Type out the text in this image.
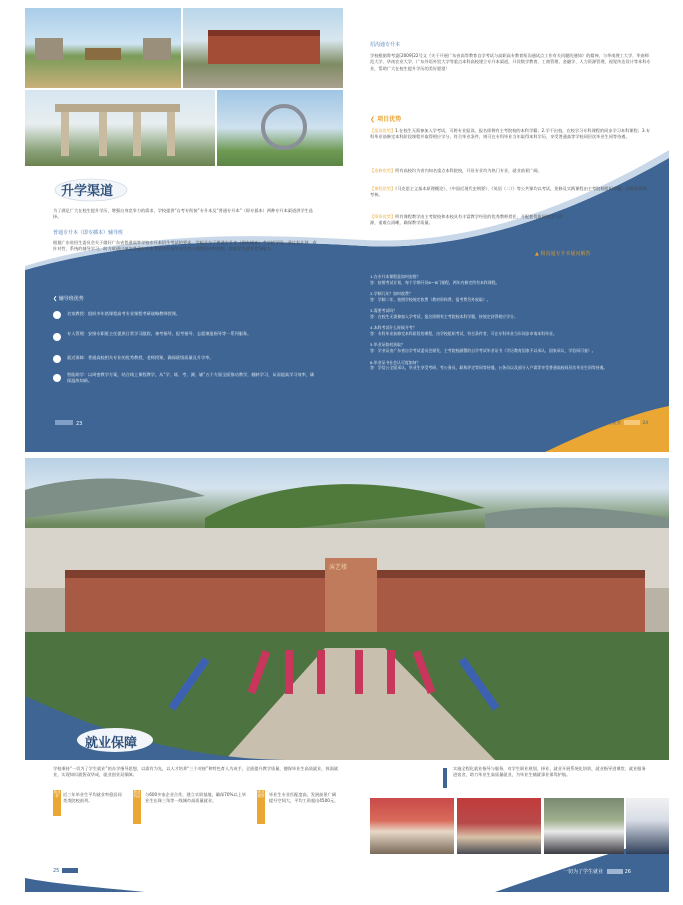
升学渠道
为了满足广大在校生提升学历，增强自身竞争力的需求，学校提供“自考专衔接”专升本及“普通专升本”（即专插本）两种专升本渠道供学生选择。
普通专升本（即专插本）辅导班
根据广东省招生委员会关于做好广东省普通高等学校专升本招生考试的要求，学校开办了普通专升本（即专插本）考前辅导班，通过有计划、有针对性、系统的辅导学习，助力欲通过参加普通专升本考试的在校生成功考入理想的本科院校，提高学生就业竞争能力。
❮ 辅导班优势
名家教授：组织多年搭课程高考专业课程考研战略教师授课。
专人管理：安排专职班主任提供日常学习跟踪，备考指导，报考指导、志愿填报指导等一系列服务。
就近保障：普通高校相关专业的优秀教授，老师授课，确保班级质量及升学率。
智能助学：以周密教学方案，结合线上课程教学，从“学、练、考、测、辅”五个方面全面推动教学，翻转学习，从而提高学习效率，确保温故知新。
23
招沟通专升本
学校根据粤考委[2009]22号文《关于开展广东省高等教育自学考试与高职高专教育衔沟通试点工作有关问题的通知》的精神，与华南理工大学、华南师范大学、华南农业大学、广东外语外贸大学等重点本科高校建立专升本渠道，开设数学教育、工商管理、金融学、人力资源管理、视觉传达设计等本科专业，帮助广大在校生提升学历的美好愿望！
❮ 项目优势
【报读优势】1.在校生无需参加入学考试，可跨专业报读，报名即拥有主考院校的本科学籍；2.学不出校，在校学习专科课程的同步学习本科课程；3.专科毕业前修完本科阶段课程并取得相应学分，符合毕业条件，则可在专科毕业当年取得本科学历，享受普通高等学校同层次毕业生同等待遇。
【选修优势】所有高校均为省内知名重点本科院校，开设专业均为热门专业，就业前景广阔。
【课程优势】《马克思主义基本原理概论》、《中国近现代史纲要》、《英语（二）》等公共课均以考试，免修及实践课程由主考院校组织命题，安排在校统一考核。
【师资优势】所有课程教学由主考院校和本校具有丰富教学经验的优秀教师授任，开配套优质网络学习资源，重难点清晰，确保教学质量。
▲ 相沟通专升本疑问解答
1.在专升本课程是如何安排？
答：按照考试计划，每个学期开设6～8门课程，两年内修完所有本科课程。

2.学制几年？如何收费？
答：学制二年，按照学校规定收费（教材资料费、报考费另外收取）。

3.需要考试吗？
答：在校生无需参加入学考试，报名即拥有主考院校本科学籍，按规定获得相应学分。

4.本科考试什么时候开考？
答：专科毕业前修完本科阶段的课程，由学校组织考试，符合条件者，可在专科毕业当年同步申请本科毕业。

5.毕业证如何获取？
答：学业证由广东省自学考试委员会颁发，主考院校副署的自学考试毕业证书（学历教育国家予以承认，国家承认，学信网可查）。

6.毕业证书社会认可度如何？
答：学信公全面承认，毕业生享受考研、考公务员、职称评定等同等待遇，公务员以及部分入户需等享受普通高校同层次毕业生同等待遇。
一切为了学生就业	24
演艺楼
就业保障
学校秉持“一切为了学生就业”的办学指导思想，以需有为先，以人才培养“三个对接”和特色育人为成手，全面提升教学质量，德保毕业生高质就业，体面就业，实现知识就智双华成，就业创业双保障。
就业率	近三年毕业生平均就业率稳居同类类院校前列。
就业机会 与600多家企业合作，建立实训基地，确保70%以上毕业生在珠三角等一线城市高质量就业。
就业薪资 毕业生专业匹配度高、发展前景广阔提升空间大，平均工资超出4500元。
实施全程化就业指导与服务，对学生职业规划、择业、就业开展系统化培训，就业指导进课堂、就业服务进宿舍，助力毕业生高质量就业，为毕业生铺就事业保驾护航。
25	一切为了学生就业	26
